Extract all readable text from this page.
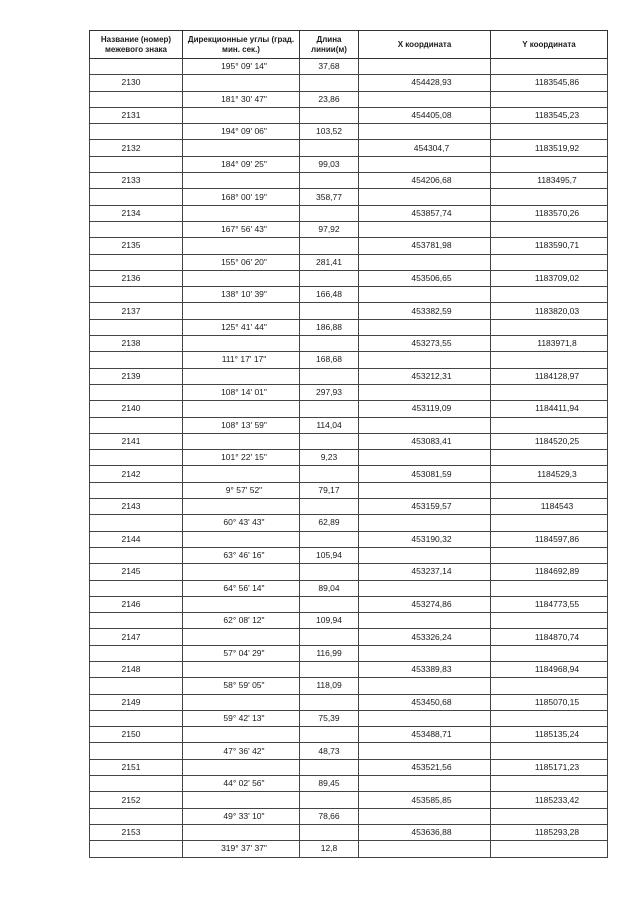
Название (номер) межевого знака	Дирекционные углы (град. мин. сек.)	Длина линии(м)	X координата	Y координата
	195° 09' 14"	37,68		
2130			454428,93	1183545,86
	181° 30' 47"	23,86		
2131			454405,08	1183545,23
	194° 09' 06"	103,52		
2132			454304,7	1183519,92
	184° 09' 25"	99,03		
2133			454206,68	1183495,7
	168° 00' 19"	358,77		
2134			453857,74	1183570,26
	167° 56' 43"	97,92		
2135			453781,98	1183590,71
	155° 06' 20"	281,41		
2136			453506,65	1183709,02
	138° 10' 39"	166,48		
2137			453382,59	1183820,03
	125° 41' 44"	186,88		
2138			453273,55	1183971,8
	111° 17' 17"	168,68		
2139			453212,31	1184128,97
	108° 14' 01"	297,93		
2140			453119,09	1184411,94
	108° 13' 59"	114,04		
2141			453083,41	1184520,25
	101° 22' 15"	9,23		
2142			453081,59	1184529,3
	9° 57' 52"	79,17		
2143			453159,57	1184543
	60° 43' 43"	62,89		
2144			453190,32	1184597,86
	63° 46' 16"	105,94		
2145			453237,14	1184692,89
	64° 56' 14"	89,04		
2146			453274,86	1184773,55
	62° 08' 12"	109,94		
2147			453326,24	1184870,74
	57° 04' 29"	116,99		
2148			453389,83	1184968,94
	58° 59' 05"	118,09		
2149			453450,68	1185070,15
	59° 42' 13"	75,39		
2150			453488,71	1185135,24
	47° 36' 42"	48,73		
2151			453521,56	1185171,23
	44° 02' 56"	89,45		
2152			453585,85	1185233,42
	49° 33' 10"	78,66		
2153			453636,88	1185293,28
	319° 37' 37"	12,8		
